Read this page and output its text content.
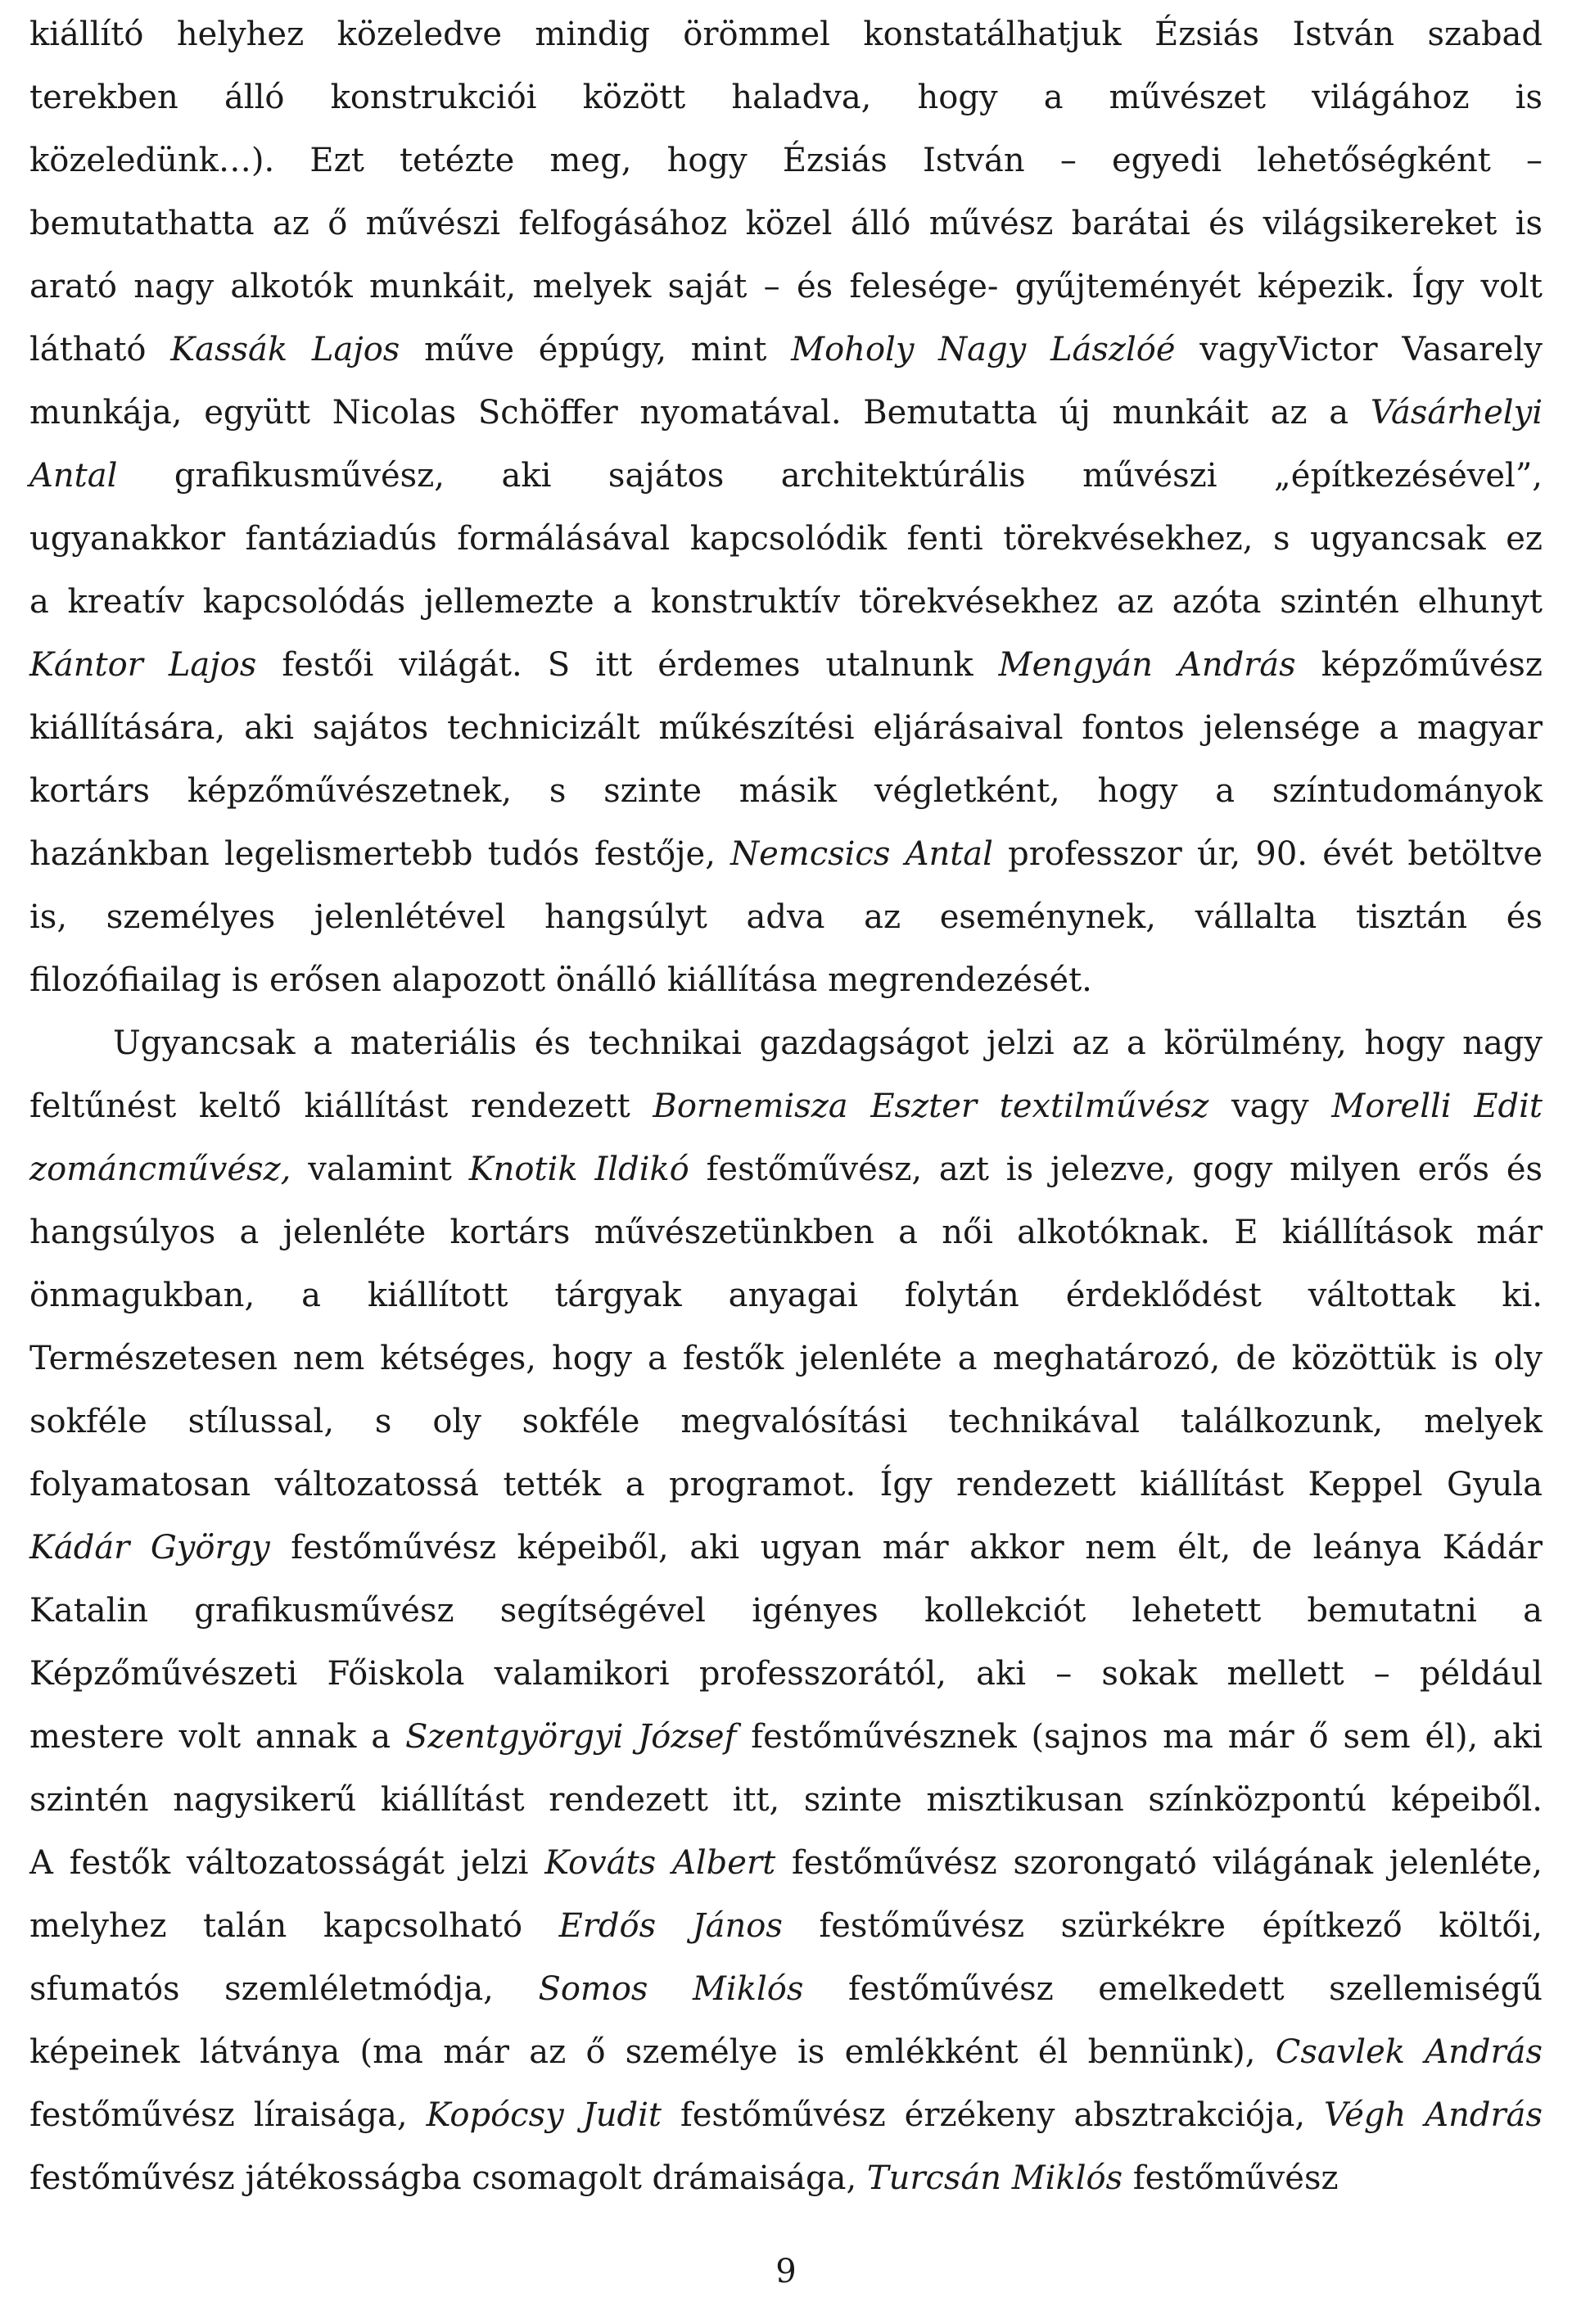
kiállító helyhez közeledve mindig örömmel konstatálhatjuk Ézsiás István szabad
terekben álló konstrukciói között haladva, hogy a művészet világához is
közeledünk…). Ezt tetézte meg, hogy Ézsiás István – egyedi lehetőségként –
bemutathatta az ő művészi felfogásához közel álló művész barátai és világsikereket is
arató nagy alkotók munkáit, melyek saját – és felesége- gyűjteményét képezik. Így volt
látható Kassák Lajos műve éppúgy, mint Moholy Nagy Lászlóé vagyVictor Vasarely
munkája, együtt Nicolas Schöffer nyomatával. Bemutatta új munkáit az a Vásárhelyi
Antal grafikusművész, aki sajátos architektúrális művészi „építkezésével”,
ugyanakkor fantáziadús formálásával kapcsolódik fenti törekvésekhez, s ugyancsak ez
a kreatív kapcsolódás jellemezte a konstruktív törekvésekhez az azóta szintén elhunyt
Kántor Lajos festői világát. S itt érdemes utalnunk Mengyán András képzőművész
kiállítására, aki sajátos technicizált műkészítési eljárásaival fontos jelensége a magyar
kortárs képzőművészetnek, s szinte másik végletként, hogy a színtudományok
hazánkban legelismertebb tudós festője, Nemcsics Antal professzor úr, 90. évét betöltve
is, személyes jelenlétével hangsúlyt adva az eseménynek, vállalta tisztán és
filozófiailag is erősen alapozott önálló kiállítása megrendezését.
Ugyancsak a materiális és technikai gazdagságot jelzi az a körülmény, hogy nagy
feltűnést keltő kiállítást rendezett Bornemisza Eszter textilművész vagy Morelli Edit
zománcművész, valamint Knotik Ildikó festőművész, azt is jelezve, gogy milyen erős és
hangsúlyos a jelenléte kortárs művészetünkben a női alkotóknak. E kiállítások már
önmagukban, a kiállított tárgyak anyagai folytán érdeklődést váltottak ki.
Természetesen nem kétséges, hogy a festők jelenléte a meghatározó, de közöttük is oly
sokféle stílussal, s oly sokféle megvalósítási technikával találkozunk, melyek
folyamatosan változatossá tették a programot. Így rendezett kiállítást Keppel Gyula
Kádár György festőművész képeiből, aki ugyan már akkor nem élt, de leánya Kádár
Katalin grafikusművész segítségével igényes kollekciót lehetett bemutatni a
Képzőművészeti Főiskola valamikori professzorától, aki – sokak mellett – például
mestere volt annak a Szentgyörgyi József festőművésznek (sajnos ma már ő sem él), aki
szintén nagysikerű kiállítást rendezett itt, szinte misztikusan színközpontú képeiből.
A festők változatosságát jelzi Kováts Albert festőművész szorongató világának jelenléte,
melyhez talán kapcsolható Erdős János festőművész szürkékre építkező költői,
sfumatós szemléletmódja, Somos Miklós festőművész emelkedett szellemiségű
képeinek látványa (ma már az ő személye is emlékként él bennünk), Csavlek András
festőművész líraisága, Kopócsy Judit festőművész érzékeny absztrakciója, Végh András
festőművész játékosságba csomagolt drámaisága, Turcsán Miklós festőművész
9
